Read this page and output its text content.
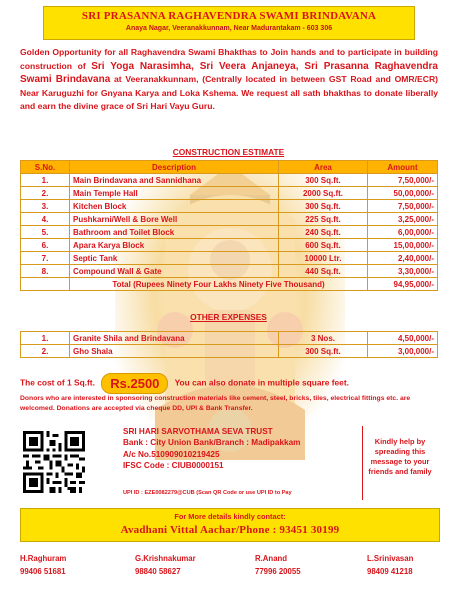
SRI PRASANNA RAGHAVENDRA SWAMI BRINDAVANA
Anaya Nagar, Veeranakkunnam, Near Madurantakam - 603 306
Golden Opportunity for all Raghavendra Swami Bhakthas to Join hands and to participate in building construction of Sri Yoga Narasimha, Sri Veera Anjaneya, Sri Prasanna Raghavendra Swami Brindavana at Veeranakkunnam, (Centrally located in between GST Road and OMR/ECR) Near Karuguzhi for Gnyana Karya and Loka Kshema. We request all sath bhakthas to donate liberally and earn the divine grace of Sri Hari Vayu Guru.
CONSTRUCTION ESTIMATE
S.No.	Description	Area	Amount
1.	Main Brindavana and Sannidhana	300 Sq.ft.	7,50,000/-
2.	Main Temple Hall	2000 Sq.ft.	50,00,000/-
3.	Kitchen Block	300 Sq.ft.	7,50,000/-
4.	Pushkarni/Well & Bore Well	225 Sq.ft.	3,25,000/-
5.	Bathroom and Toilet Block	240 Sq.ft.	6,00,000/-
6.	Apara Karya Block	600 Sq.ft.	15,00,000/-
7.	Septic Tank	10000 Ltr.	2,40,000/-
8.	Compound Wall & Gate	440 Sq.ft.	3,30,000/-
	Total (Rupees Ninety Four Lakhs Ninety Five Thousand)		94,95,000/-
OTHER EXPENSES
1.	Granite Shila and Brindavana	3 Nos.	4,50,000/-
2.	Gho Shala	300 Sq.ft.	3,00,000/-
The cost of 1 Sq.ft. Rs.2500 You can also donate in multiple square feet.
Donors who are interested in sponsoring construction materials like cement, steel, bricks, tiles, electrical fittings etc. are welcomed. Donations are accepted via cheque DD, UPI & Bank Transfer.
SRI HARI SARVOTHAMA SEVA TRUST
Bank : City Union Bank/Branch : Madipakkam
A/c No.510909010219425
IFSC Code : CIUB0000151
UPI ID : EZE0082279@CUB (Scan QR Code or use UPI ID to Pay
Kindly help by spreading this message to your friends and family
For More details kindly contact:
Avadhani Vittal Aachar/Phone : 93451 30199
H.Raghuram
99406 51681
G.Krishnakumar
98840 58627
R.Anand
77996 20055
L.Srinivasan
98409 41218
